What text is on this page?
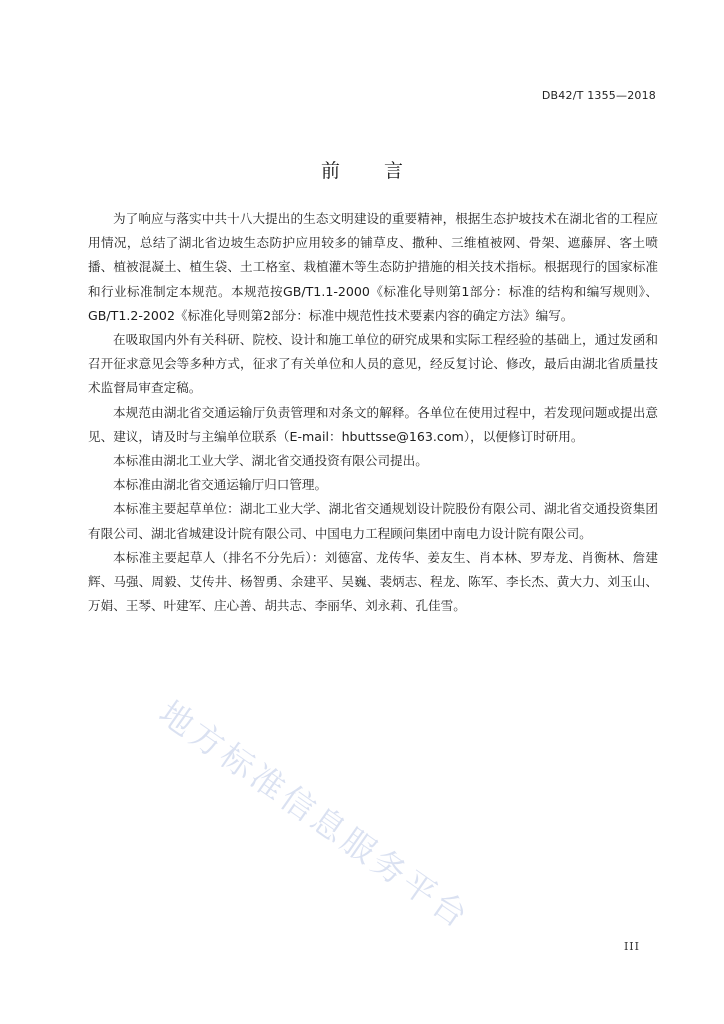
DB42/T 1355—2018
前言

为了响应与落实中共十八大提出的生态文明建设的重要精神，根据生态护坡技术在湖北省的工程应用情况，总结了湖北省边坡生态防护应用较多的铺草皮、撒种、三维植被网、骨架、遮藤屏、客土喷播、植被混凝土、植生袋、土工格室、栽植灌木等生态防护措施的相关技术指标。根据现行的国家标准和行业标准制定本规范。本规范按GB/T1.1-2000《标准化导则第1部分：标准的结构和编写规则》、GB/T1.2-2002《标准化导则第2部分：标准中规范性技术要素内容的确定方法》编写。

在吸取国内外有关科研、院校、设计和施工单位的研究成果和实际工程经验的基础上，通过发函和召开征求意见会等多种方式，征求了有关单位和人员的意见，经反复讨论、修改，最后由湖北省质量技术监督局审查定稿。

本规范由湖北省交通运输厅负责管理和对条文的解释。各单位在使用过程中，若发现问题或提出意见、建议，请及时与主编单位联系（E-mail：hbuttsse@163.com），以便修订时研用。

本标准由湖北工业大学、湖北省交通投资有限公司提出。

本标准由湖北省交通运输厅归口管理。

本标准主要起草单位：湖北工业大学、湖北省交通规划设计院股份有限公司、湖北省交通投资集团有限公司、湖北省城建设计院有限公司、中国电力工程顾问集团中南电力设计院有限公司。

本标准主要起草人（排名不分先后）：刘德富、龙传华、姜友生、肖本林、罗寿龙、肖衡林、詹建辉、马强、周毅、艾传井、杨智勇、余建平、吴巍、裴炳志、程龙、陈军、李长杰、黄大力、刘玉山、万娟、王琴、叶建军、庄心善、胡共志、李丽华、刘永莉、孔佳雪。

地方标准信息服务平台
III
